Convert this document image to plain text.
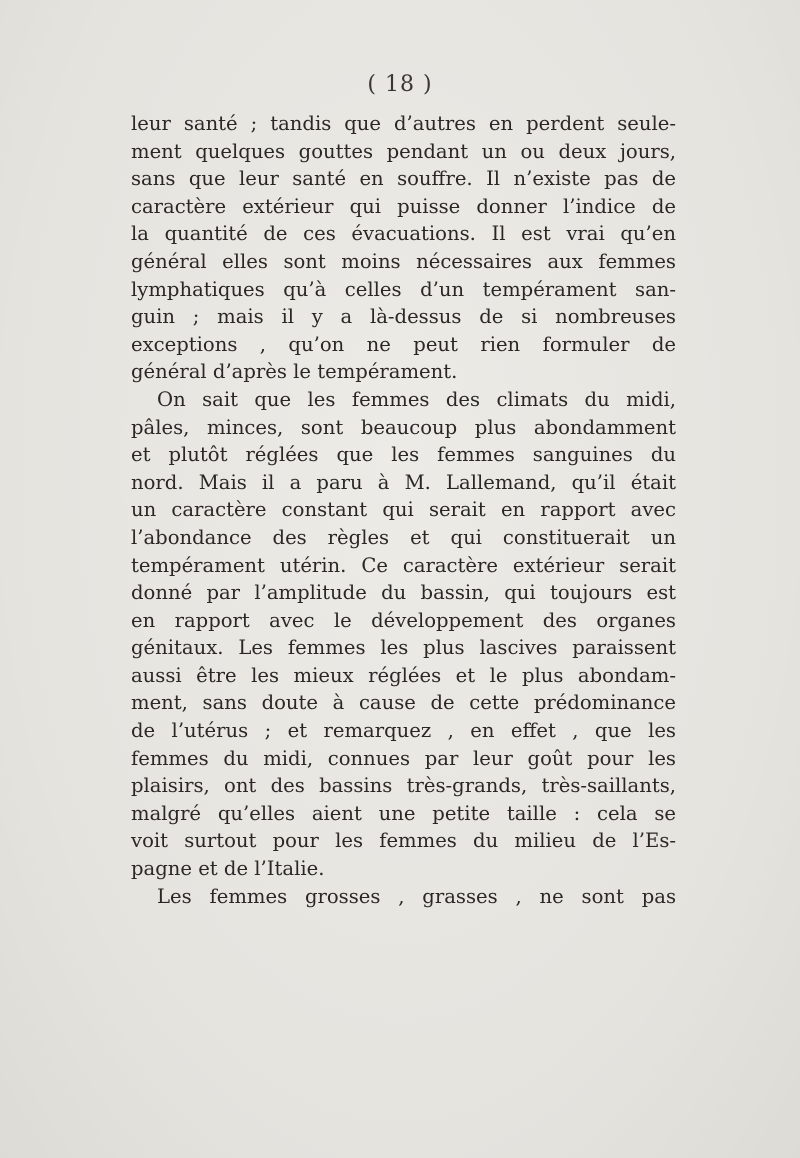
( 18 )
leur santé ; tandis que d’autres en perdent seule-
ment quelques gouttes pendant un ou deux jours,
sans que leur santé en souffre. Il n’existe pas de
caractère extérieur qui puisse donner l’indice de
la quantité de ces évacuations. Il est vrai qu’en
général elles sont moins nécessaires aux femmes
lymphatiques qu’à celles d’un tempérament san-
guin ; mais il y a là-dessus de si nombreuses
exceptions , qu’on ne peut rien formuler de
général d’après le tempérament.
On sait que les femmes des climats du midi,
pâles, minces, sont beaucoup plus abondamment
et plutôt réglées que les femmes sanguines du
nord. Mais il a paru à M. Lallemand, qu’il était
un caractère constant qui serait en rapport avec
l’abondance des règles et qui constituerait un
tempérament utérin. Ce caractère extérieur serait
donné par l’amplitude du bassin, qui toujours est
en rapport avec le développement des organes
génitaux. Les femmes les plus lascives paraissent
aussi être les mieux réglées et le plus abondam-
ment, sans doute à cause de cette prédominance
de l’utérus ; et remarquez , en effet , que les
femmes du midi, connues par leur goût pour les
plaisirs, ont des bassins très-grands, très-saillants,
malgré qu’elles aient une petite taille : cela se
voit surtout pour les femmes du milieu de l’Es-
pagne et de l’Italie.
Les femmes grosses , grasses , ne sont pas
